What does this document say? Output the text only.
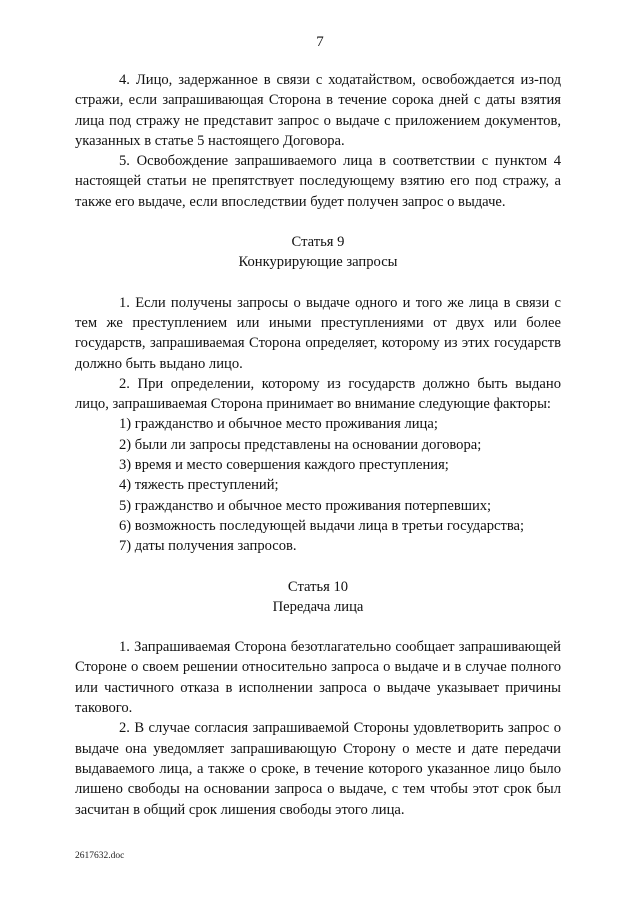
7

4. Лицо, задержанное в связи с ходатайством, освобождается из-под стражи, если запрашивающая Сторона в течение сорока дней с даты взятия лица под стражу не представит запрос о выдаче с приложением документов, указанных в статье 5 настоящего Договора.

5. Освобождение запрашиваемого лица в соответствии с пунктом 4 настоящей статьи не препятствует последующему взятию его под стражу, а также его выдаче, если впоследствии будет получен запрос о выдаче.

Статья 9

Конкурирующие запросы

1. Если получены запросы о выдаче одного и того же лица в связи с тем же преступлением или иными преступлениями от двух или более государств, запрашиваемая Сторона определяет, которому из этих государств должно быть выдано лицо.

2. При определении, которому из государств должно быть выдано лицо, запрашиваемая Сторона принимает во внимание следующие факторы:

1) гражданство и обычное место проживания лица;

2) были ли запросы представлены на основании договора;

3) время и место совершения каждого преступления;

4) тяжесть преступлений;

5) гражданство и обычное место проживания потерпевших;

6) возможность последующей выдачи лица в третьи государства;

7) даты получения запросов.

Статья 10

Передача лица

1. Запрашиваемая Сторона безотлагательно сообщает запрашивающей Стороне о своем решении относительно запроса о выдаче и в случае полного или частичного отказа в исполнении запроса о выдаче указывает причины такового.

2. В случае согласия запрашиваемой Стороны удовлетворить запрос о выдаче она уведомляет запрашивающую Сторону о месте и дате передачи выдаваемого лица, а также о сроке, в течение которого указанное лицо было лишено свободы на основании запроса о выдаче, с тем чтобы этот срок был засчитан в общий срок лишения свободы этого лица.

2617632.doc
